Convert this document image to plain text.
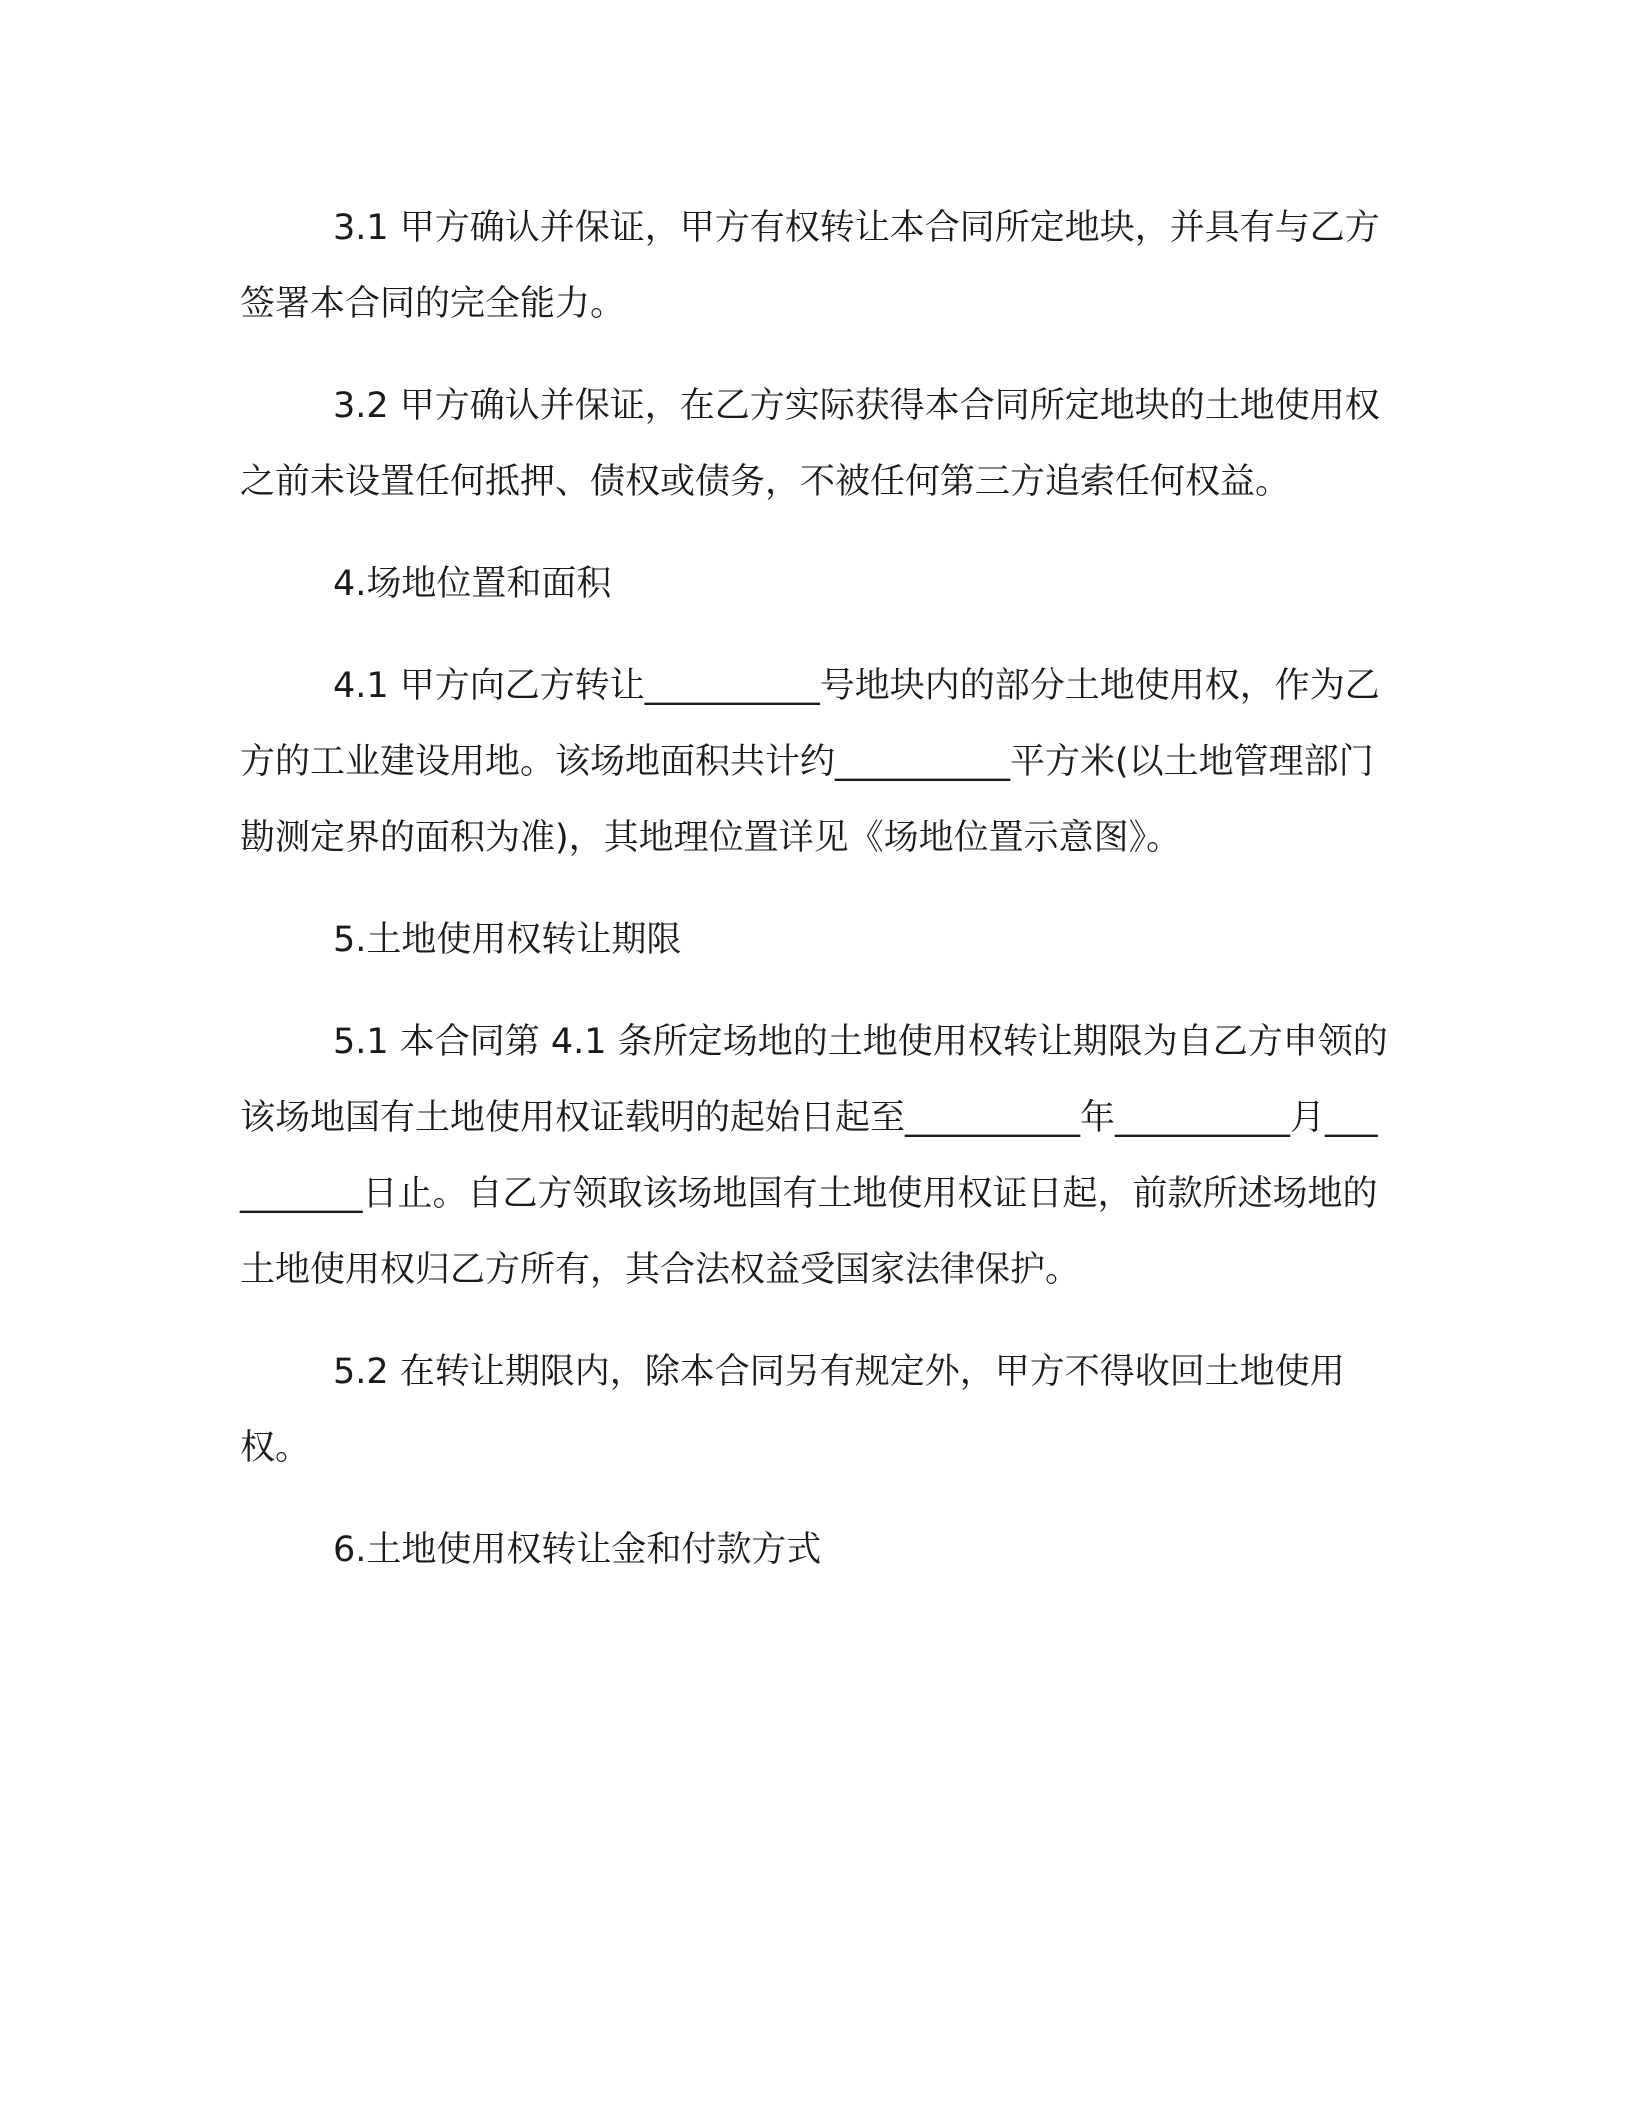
3.1 甲方确认并保证，甲方有权转让本合同所定地块，并具有与乙方签署本合同的完全能力。

3.2 甲方确认并保证，在乙方实际获得本合同所定地块的土地使用权之前未设置任何抵押、债权或债务，不被任何第三方追索任何权益。

4.场地位置和面积

4.1 甲方向乙方转让__________号地块内的部分土地使用权，作为乙方的工业建设用地。该场地面积共计约__________平方米(以土地管理部门勘测定界的面积为准)，其地理位置详见《场地位置示意图》。

5.土地使用权转让期限

5.1 本合同第 4.1 条所定场地的土地使用权转让期限为自乙方申领的该场地国有土地使用权证载明的起始日起至__________年__________月__________日止。自乙方领取该场地国有土地使用权证日起，前款所述场地的土地使用权归乙方所有，其合法权益受国家法律保护。

5.2 在转让期限内，除本合同另有规定外，甲方不得收回土地使用权。

6.土地使用权转让金和付款方式
